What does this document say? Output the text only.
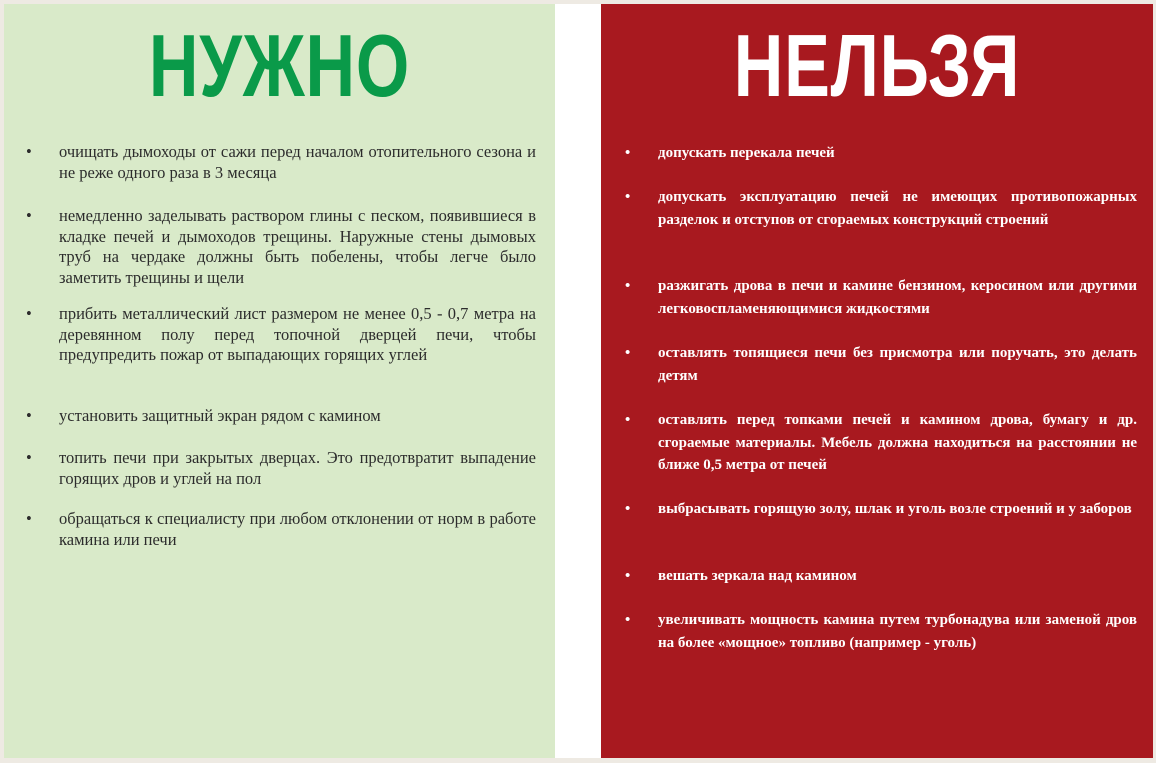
НУЖНО
• очищать дымоходы от сажи перед началом отопительного сезона и не реже одного раза в 3 месяца
• немедленно заделывать раствором глины с песком, появившиеся в кладке печей и дымоходов трещины. Наружные стены дымовых труб на чердаке должны быть побелены, чтобы легче было заметить трещины и щели
• прибить металлический лист размером не менее 0,5 - 0,7 метра на деревянном полу перед топочной дверцей печи, чтобы предупредить пожар от выпадающих горящих углей
• установить защитный экран рядом с камином
• топить печи при закрытых дверцах. Это предотвратит выпадение горящих дров и углей на пол
• обращаться к специалисту при любом отклонении от норм в работе камина или печи
НЕЛЬЗЯ
• допускать перекала печей
• допускать эксплуатацию печей не имеющих противопожарных разделок и отступов от сгораемых конструкций строений
• разжигать дрова в печи и камине бензином, керосином или другими легковоспламеняющимися жидкостями
• оставлять топящиеся печи без присмотра или поручать, это делать детям
• оставлять перед топками печей и камином дрова, бумагу и др. сгораемые материалы. Мебель должна находиться на расстоянии не ближе 0,5 метра от печей
• выбрасывать горящую золу, шлак и уголь возле строений и у заборов
• вешать зеркала над камином
• увеличивать мощность камина путем турбонадува или заменой дров на более «мощное» топливо (например - уголь)
